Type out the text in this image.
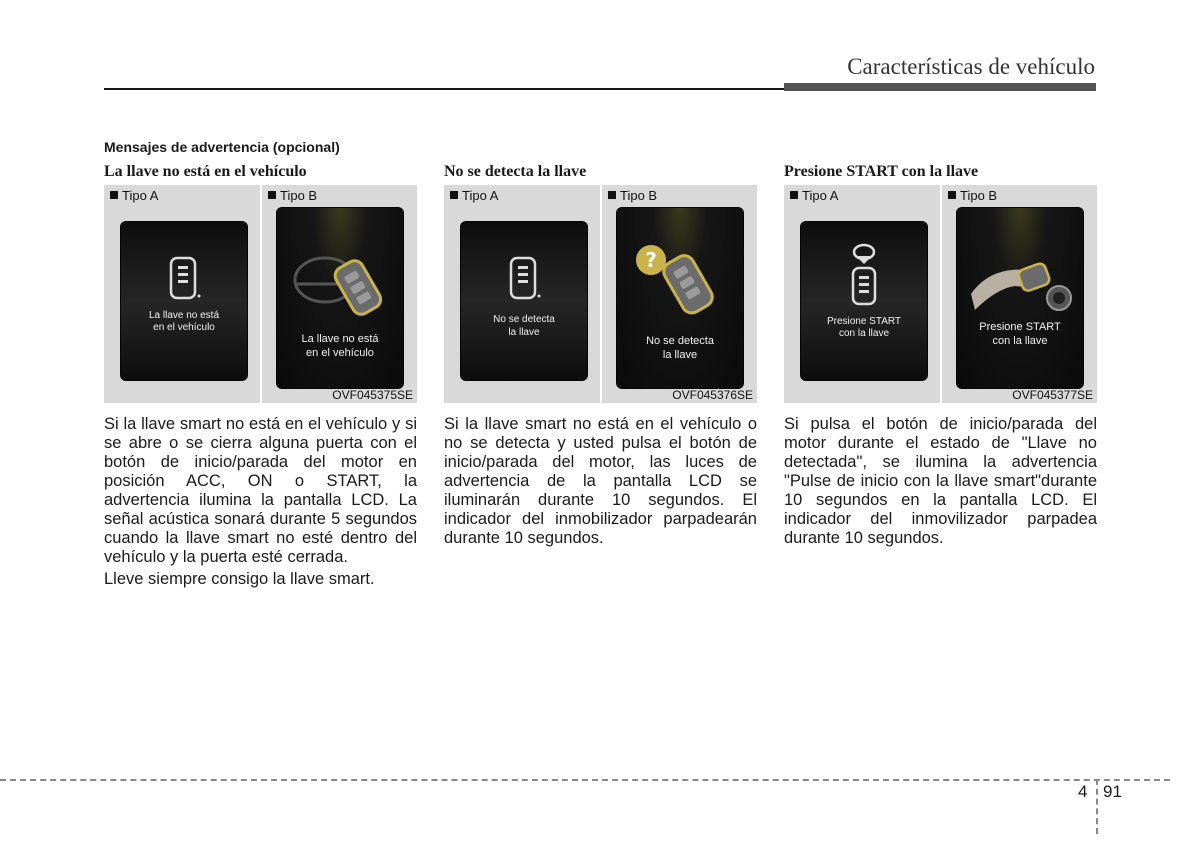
Características de vehículo
Mensajes de advertencia (opcional)
La llave no está en el vehículo
Tipo A	Tipo B
La llave no está
en el vehículo
La llave no está
en el vehículo
OVF045375SE

Si la llave smart no está en el vehículo y si se abre o se cierra alguna puerta con el botón de inicio/parada del motor en posición ACC, ON o START, la advertencia ilumina la pantalla LCD. La señal acústica sonará durante 5 segundos cuando la llave smart no esté dentro del vehículo y la puerta esté cerrada.

Lleve siempre consigo la llave smart.

No se detecta la llave
Tipo A	Tipo B
No se detecta
la llave
?
No se detecta
la llave
OVF045376SE

Si la llave smart no está en el vehículo o no se detecta y usted pulsa el botón de inicio/parada del motor, las luces de advertencia de la pantalla LCD se iluminarán durante 10 segundos. El indicador del inmobilizador parpadearán durante 10 segundos.

Presione START con la llave
Tipo A	Tipo B
Presione START
con la llave
Presione START
con la llave
OVF045377SE

Si pulsa el botón de inicio/parada del motor durante el estado de "Llave no detectada", se ilumina la advertencia "Pulse de inicio con la llave smart"durante 10 segundos en la pantalla LCD. El indicador del inmovilizador parpadea durante 10 segundos.

4 91
